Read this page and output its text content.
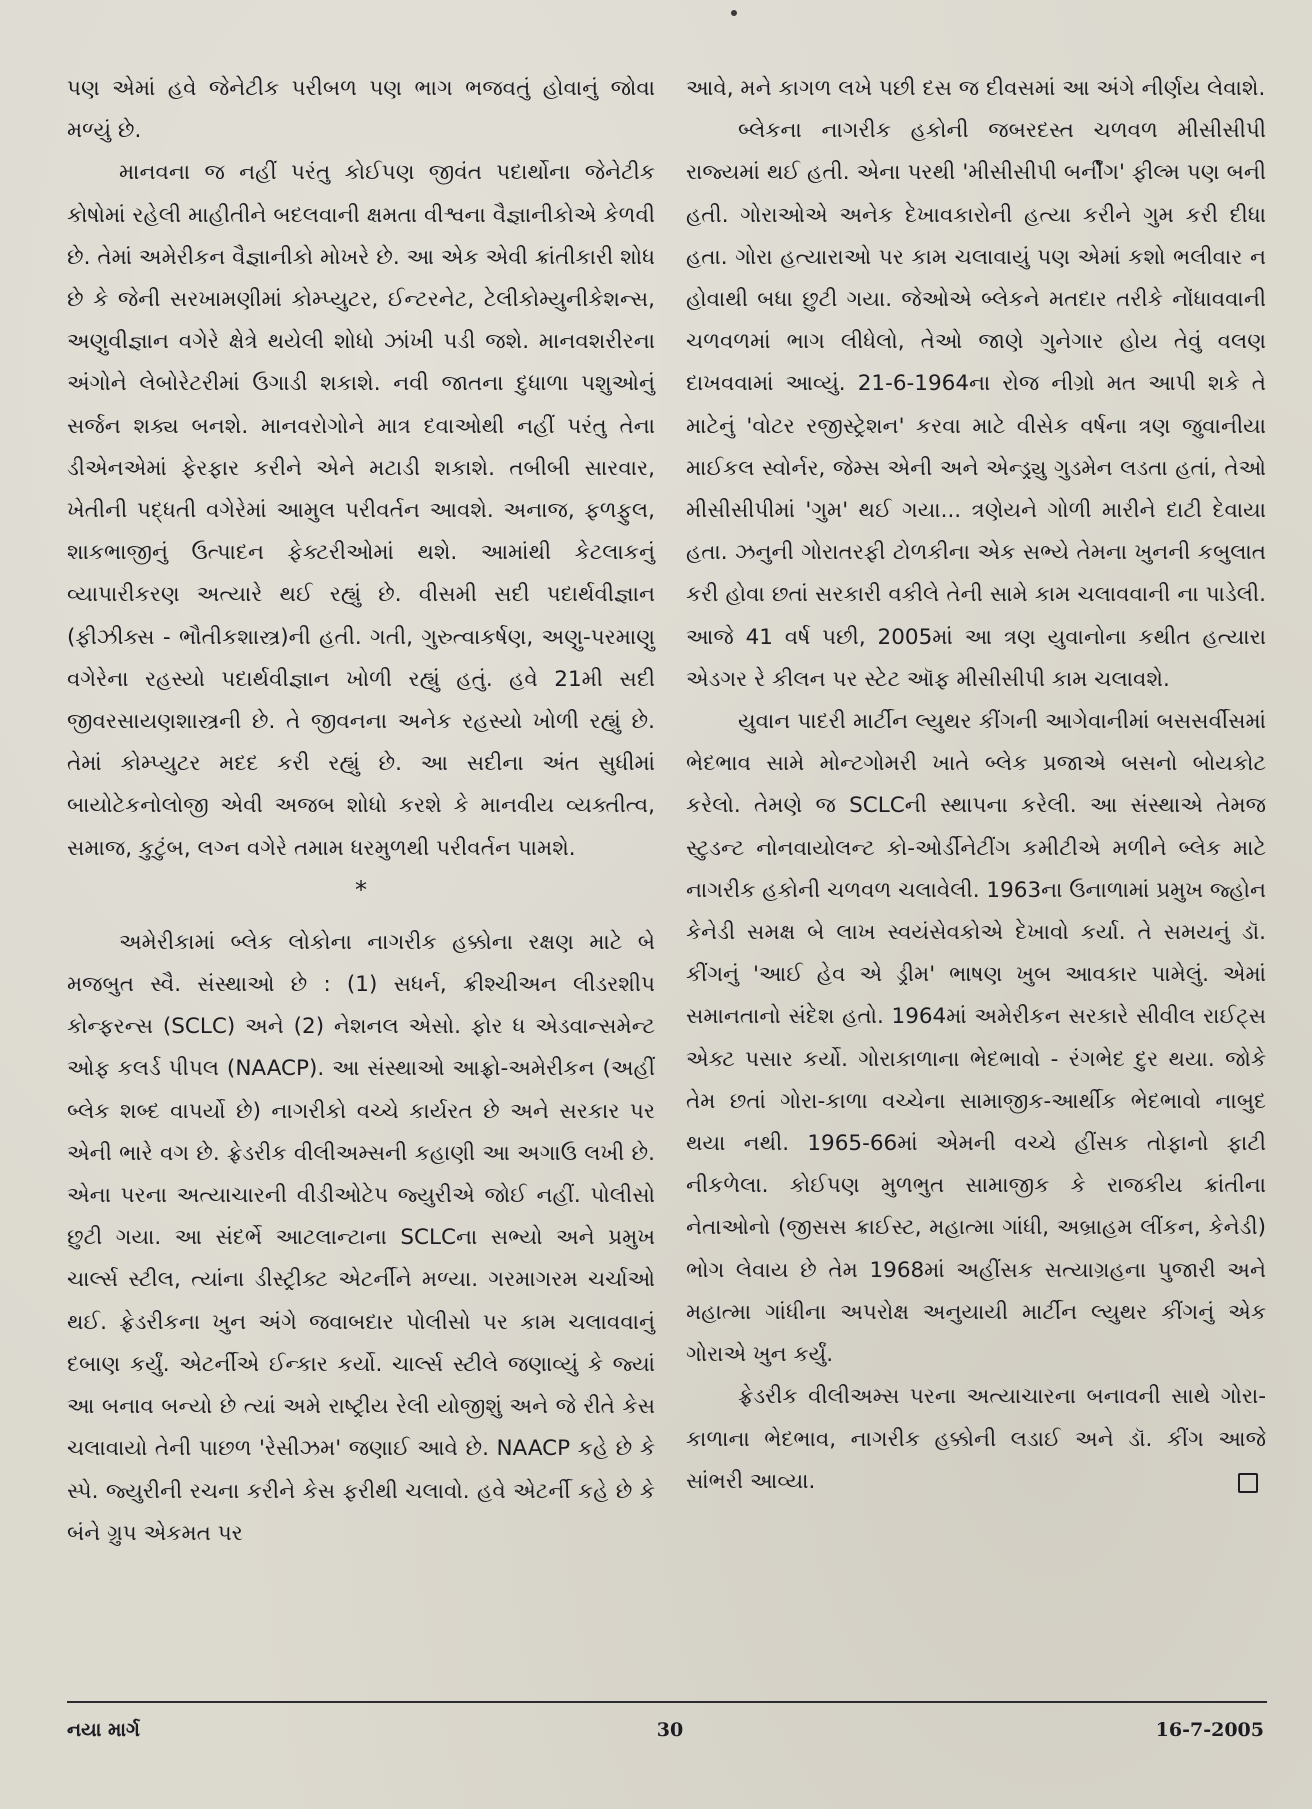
પણ એમાં હવે જેનેટીક પરીબળ પણ ભાગ ભજવતું હોવાનું જોવા મળ્યું છે.

માનવના જ નહીં પરંતુ કોઈપણ જીવંત પદાર્થોના જેનેટીક કોષોમાં રહેલી માહીતીને બદલવાની ક્ષમતા વીશ્વના વૈજ્ઞાનીકોએ કેળવી છે. તેમાં અમેરીકન વૈજ્ઞાનીકો મોખરે છે. આ એક એવી ક્રાંતીકારી શોધ છે કે જેની સરખામણીમાં કોમ્પ્યુટર, ઈન્ટરનેટ, ટેલીકોમ્યુનીકેશન્સ, અણુવીજ્ઞાન વગેરે ક્ષેત્રે થયેલી શોધો ઝાંખી પડી જશે. માનવશરીરના અંગોને લેબોરેટરીમાં ઉગાડી શકાશે. નવી જાતના દુધાળા પશુઓનું સર્જન શક્ય બનશે. માનવરોગોને માત્ર દવાઓથી નહીં પરંતુ તેના ડીએનએમાં ફેરફાર કરીને એને મટાડી શકાશે. તબીબી સારવાર, ખેતીની પદ્ધતી વગેરેમાં આમુલ પરીવર્તન આવશે. અનાજ, ફળફુલ, શાકભાજીનું ઉત્પાદન ફેક્ટરીઓમાં થશે. આમાંથી કેટલાકનું વ્યાપારીકરણ અત્યારે થઈ રહ્યું છે. વીસમી સદી પદાર્થવીજ્ઞાન (ફીઝીક્સ - ભૌતીકશાસ્ત્ર)ની હતી. ગતી, ગુરુત્વાકર્ષણ, અણુ-પરમાણુ વગેરેના રહસ્યો પદાર્થવીજ્ઞાન ખોળી રહ્યું હતું. હવે 21મી સદી જીવરસાયણશાસ્ત્રની છે. તે જીવનના અનેક રહસ્યો ખોળી રહ્યું છે. તેમાં કોમ્પ્યુટર મદદ કરી રહ્યું છે. આ સદીના અંત સુધીમાં બાયોટેકનોલોજી એવી અજબ શોધો કરશે કે માનવીય વ્યક્તીત્વ, સમાજ, કુટુંબ, લગ્ન વગેરે તમામ ધરમુળથી પરીવર્તન પામશે.

*

અમેરીકામાં બ્લેક લોકોના નાગરીક હક્કોના રક્ષણ માટે બે મજબુત સ્વૈ. સંસ્થાઓ છે : (1) સધર્ન, ક્રીશ્ચીઅન લીડરશીપ કોન્ફરન્સ (SCLC) અને (2) નેશનલ એસો. ફોર ધ એડવાન્સમેન્ટ ઓફ કલર્ડ પીપલ (NAACP). આ સંસ્થાઓ આફ્રો-અમેરીકન (અહીં બ્લેક શબ્દ વાપર્યો છે) નાગરીકો વચ્ચે કાર્યરત છે અને સરકાર પર એની ભારે વગ છે. ફ્રેડરીક વીલીઅમ્સની કહાણી આ અગાઉ લખી છે. એના પરના અત્યાચારની વીડીઓટેપ જ્યુરીએ જોઈ નહીં. પોલીસો છુટી ગયા. આ સંદર્ભે આટલાન્ટાના SCLCના સભ્યો અને પ્રમુખ ચાર્લ્સ સ્ટીલ, ત્યાંના ડીસ્ટ્રીક્ટ એટર્નીને મળ્યા. ગરમાગરમ ચર્ચાઓ થઈ. ફ્રેડરીકના ખુન અંગે જવાબદાર પોલીસો પર કામ ચલાવવાનું દબાણ કર્યું. એટર્નીએ ઈન્કાર કર્યો. ચાર્લ્સ સ્ટીલે જણાવ્યું કે જ્યાં આ બનાવ બન્યો છે ત્યાં અમે રાષ્ટ્રીય રેલી યોજીશું અને જે રીતે કેસ ચલાવાયો તેની પાછળ 'રેસીઝમ' જણાઈ આવે છે. NAACP કહે છે કે સ્પે. જ્યુરીની રચના કરીને કેસ ફરીથી ચલાવો. હવે એટર્ની કહે છે કે બંને ગ્રુપ એકમત પર

આવે, મને કાગળ લખે પછી દસ જ દીવસમાં આ અંગે નીર્ણય લેવાશે.

બ્લેકના નાગરીક હકોની જબરદસ્ત ચળવળ મીસીસીપી રાજ્યમાં થઈ હતી. એના પરથી 'મીસીસીપી બર્નીંગ' ફીલ્મ પણ બની હતી. ગોરાઓએ અનેક દેખાવકારોની હત્યા કરીને ગુમ કરી દીધા હતા. ગોરા હત્યારાઓ પર કામ ચલાવાયું પણ એમાં કશો ભલીવાર ન હોવાથી બધા છુટી ગયા. જેઓએ બ્લેકને મતદાર તરીકે નોંધાવવાની ચળવળમાં ભાગ લીધેલો, તેઓ જાણે ગુનેગાર હોય તેવું વલણ દાખવવામાં આવ્યું. 21-6-1964ના રોજ નીગ્રો મત આપી શકે તે માટેનું 'વોટર રજીસ્ટ્રેશન' કરવા માટે વીસેક વર્ષના ત્રણ જુવાનીયા માઈકલ સ્વોર્નર, જેમ્સ એની અને એન્ડ્ર્યુ ગુડમેન લડતા હતાં, તેઓ મીસીસીપીમાં 'ગુમ' થઈ ગયા... ત્રણેયને ગોળી મારીને દાટી દેવાયા હતા. ઝનુની ગોરાતરફી ટોળકીના એક સભ્યે તેમના ખુનની કબુલાત કરી હોવા છતાં સરકારી વકીલે તેની સામે કામ ચલાવવાની ના પાડેલી. આજે 41 વર્ષ પછી, 2005માં આ ત્રણ યુવાનોના કથીત હત્યારા એડગર રે કીલન પર સ્ટેટ ઑફ મીસીસીપી કામ ચલાવશે.

યુવાન પાદરી માર્ટીન લ્યુથર કીંગની આગેવાનીમાં બસસર્વીસમાં ભેદભાવ સામે મોન્ટગોમરી ખાતે બ્લેક પ્રજાએ બસનો બોયકોટ કરેલો. તેમણે જ SCLCની સ્થાપના કરેલી. આ સંસ્થાએ તેમજ સ્ટુડન્ટ નોનવાયોલન્ટ કો-ઓર્ડીનેટીંગ કમીટીએ મળીને બ્લેક માટે નાગરીક હકોની ચળવળ ચલાવેલી. 1963ના ઉનાળામાં પ્રમુખ જ્હોન કેનેડી સમક્ષ બે લાખ સ્વયંસેવકોએ દેખાવો કર્યા. તે સમયનું ડૉ. કીંગનું 'આઈ હેવ એ ડ્રીમ' ભાષણ ખુબ આવકાર પામેલું. એમાં સમાનતાનો સંદેશ હતો. 1964માં અમેરીકન સરકારે સીવીલ રાઈટ્સ એક્ટ પસાર કર્યો. ગોરાકાળાના ભેદભાવો - રંગભેદ દુર થયા. જોકે તેમ છતાં ગોરા-કાળા વચ્ચેના સામાજીક-આર્થીક ભેદભાવો નાબુદ થયા નથી. 1965-66માં એમની વચ્ચે હીંસક તોફાનો ફાટી નીકળેલા. કોઈપણ મુળભુત સામાજીક કે રાજકીય ક્રાંતીના નેતાઓનો (જીસસ ક્રાઈસ્ટ, મહાત્મા ગાંધી, અબ્રાહમ લીંકન, કેનેડી) ભોગ લેવાય છે તેમ 1968માં અહીંસક સત્યાગ્રહના પુજારી અને મહાત્મા ગાંધીના અપરોક્ષ અનુયાયી માર્ટીન લ્યુથર કીંગનું એક ગોરાએ ખુન કર્યું.

ફ્રેડરીક વીલીઅમ્સ પરના અત્યાચારના બનાવની સાથે ગોરા-કાળાના ભેદભાવ, નાગરીક હક્કોની લડાઈ અને ડૉ. કીંગ આજે સાંભરી આવ્યા.

નયા માર્ગ	30	16-7-2005
